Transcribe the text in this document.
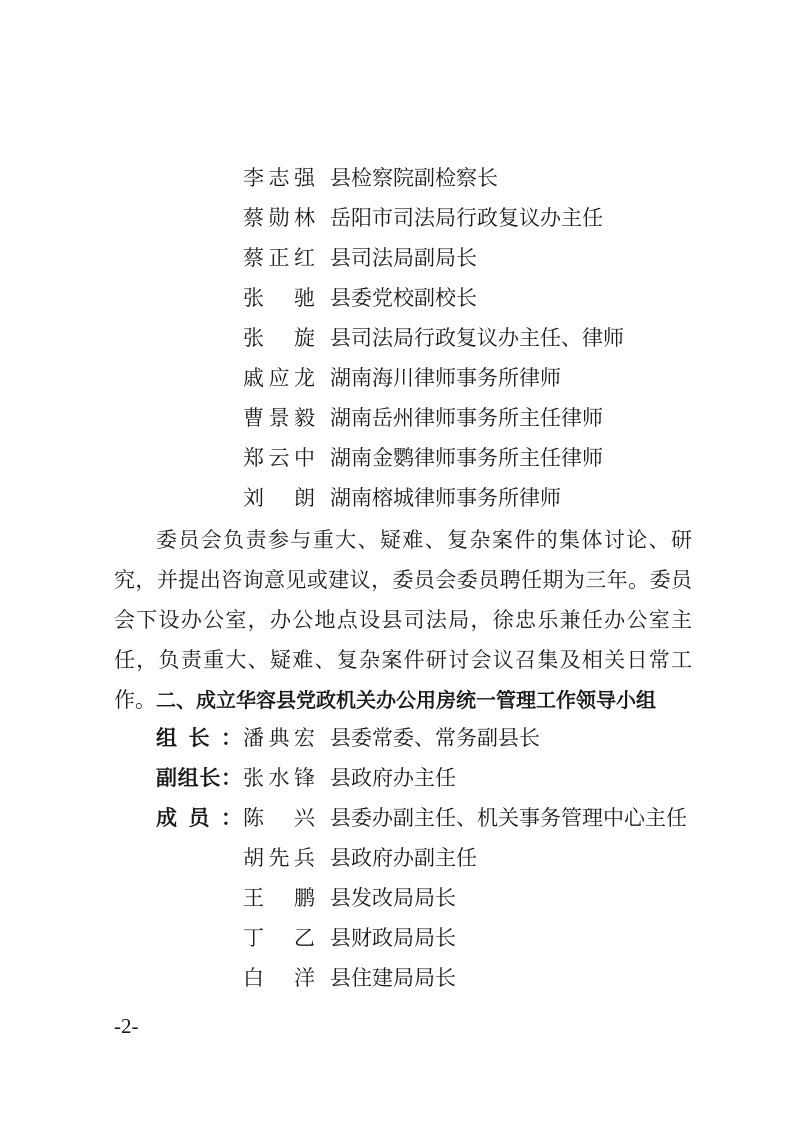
李志强 县检察院副检察长
蔡勋林 岳阳市司法局行政复议办主任
蔡正红 县司法局副局长
张驰 县委党校副校长
张旋 县司法局行政复议办主任、律师
戚应龙 湖南海川律师事务所律师
曹景毅 湖南岳州律师事务所主任律师
郑云中 湖南金鹦律师事务所主任律师
刘朗 湖南榕城律师事务所律师
委员会负责参与重大、疑难、复杂案件的集体讨论、研究，并提出咨询意见或建议，委员会委员聘任期为三年。委员会下设办公室，办公地点设县司法局，徐忠乐兼任办公室主任，负责重大、疑难、复杂案件研讨会议召集及相关日常工作。 二、成立华容县党政机关办公用房统一管理工作领导小组
组长： 潘典宏 县委常委、常务副县长
副组长： 张水锋 县政府办主任
成员： 陈兴 县委办副主任、机关事务管理中心主任
胡先兵 县政府办副主任
王鹏 县发改局局长
丁乙 县财政局局长
白洋 县住建局局长
-2-
